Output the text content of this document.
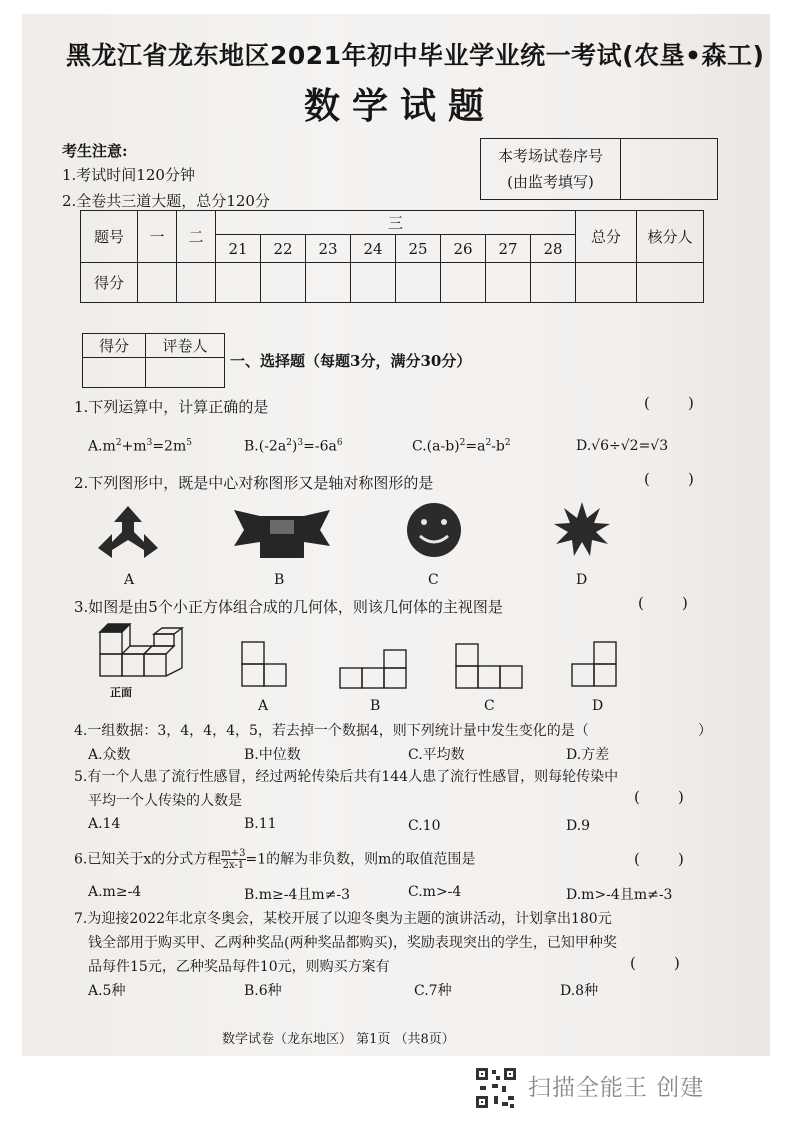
黑龙江省龙东地区2021年初中毕业学业统一考试(农垦•森工)
数学试题
考生注意:
1.考试时间120分钟
2.全卷共三道大题，总分120分
本考场试卷序号
(由监考填写)
题号	一	二	三								总分	核分人
			21	22	23	24	25	26	27	28		
得分												
得分	评卷人

一、选择题（每题3分，满分30分）
1.下列运算中，计算正确的是	(        )
$A.m^2+m^3=2m^5$	$B.(-2a^2)^3=-6a^6$	$C.(a-b)^2=a^2-b^2$	D.√6÷√2=√3
2.下列图形中，既是中心对称图形又是轴对称图形的是	(        )
A	B	C	D
3.如图是由5个小正方体组合成的几何体，则该几何体的主视图是	(        )
正面
A	B	C	D
4.一组数据：3，4，4，4，5，若去掉一个数据4，则下列统计量中发生变化的是（	）
A.众数	B.中位数	C.平均数	D.方差
5.有一个人患了流行性感冒，经过两轮传染后共有144人患了流行性感冒，则每轮传染中
平均一个人传染的人数是	(        )
A.14	B.11	C.10	D.9
6.已知关于x的分式方程 $\frac{m+3}{2x-1} =1$的解为非负数，则m的取值范围是	(        )
A.m≥-4	B.m≥-4且m≠-3	C.m>-4	D.m>-4且m≠-3
7.为迎接2022年北京冬奥会，某校开展了以迎冬奥为主题的演讲活动，计划拿出180元
钱全部用于购买甲、乙两种奖品(两种奖品都购买)，奖励表现突出的学生，已知甲种奖
品每件15元，乙种奖品每件10元，则购买方案有	(        )
A.5种	B.6种	C.7种	D.8种
数学试卷（龙东地区） 第1页 （共8页）
扫描全能王 创建
